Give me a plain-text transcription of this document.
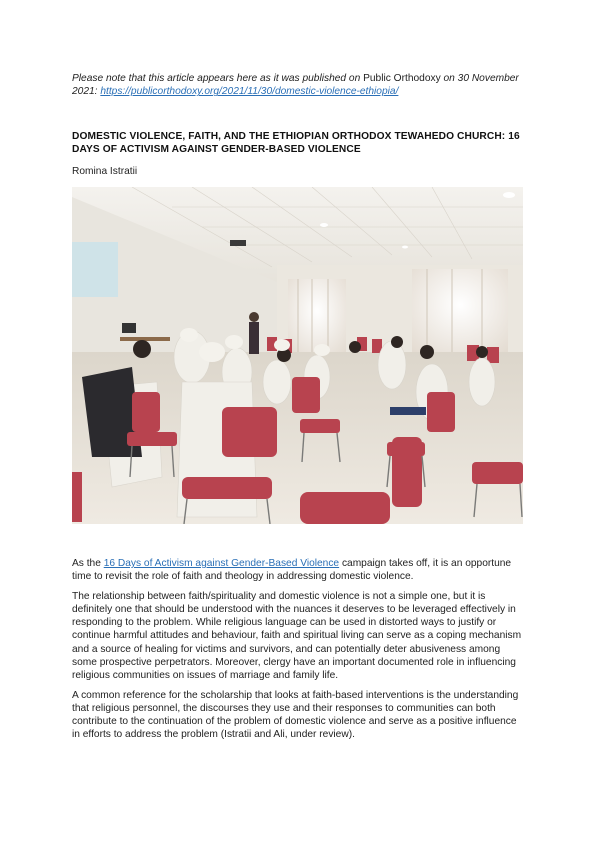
Please note that this article appears here as it was published on Public Orthodoxy on 30 November 2021: https://publicorthodoxy.org/2021/11/30/domestic-violence-ethiopia/
DOMESTIC VIOLENCE, FAITH, AND THE ETHIOPIAN ORTHODOX TEWAHEDO CHURCH: 16 DAYS OF ACTIVISM AGAINST GENDER-BASED VIOLENCE
Romina Istratii

As the 16 Days of Activism against Gender-Based Violence campaign takes off, it is an opportune time to revisit the role of faith and theology in addressing domestic violence.

The relationship between faith/spirituality and domestic violence is not a simple one, but it is definitely one that should be understood with the nuances it deserves to be leveraged effectively in responding to the problem. While religious language can be used in distorted ways to justify or continue harmful attitudes and behaviour, faith and spiritual living can serve as a coping mechanism and a source of healing for victims and survivors, and can potentially deter abusiveness among some prospective perpetrators. Moreover, clergy have an important documented role in influencing religious communities on issues of marriage and family life.

A common reference for the scholarship that looks at faith-based interventions is the understanding that religious personnel, the discourses they use and their responses to communities can both contribute to the continuation of the problem of domestic violence and serve as a positive influence in efforts to address the problem (Istratii and Ali, under review).
